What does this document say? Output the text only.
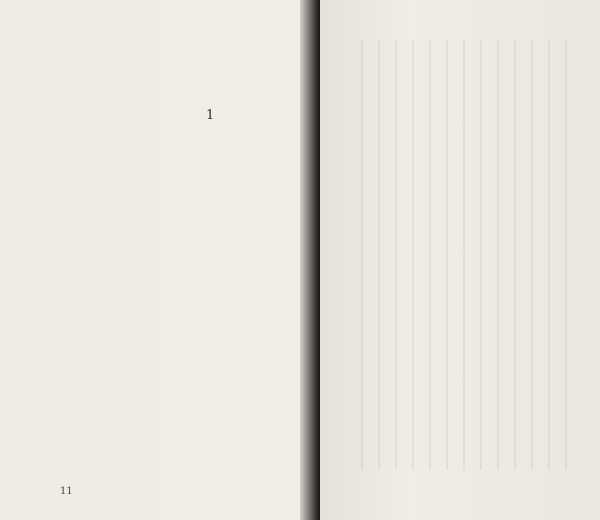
1

11
